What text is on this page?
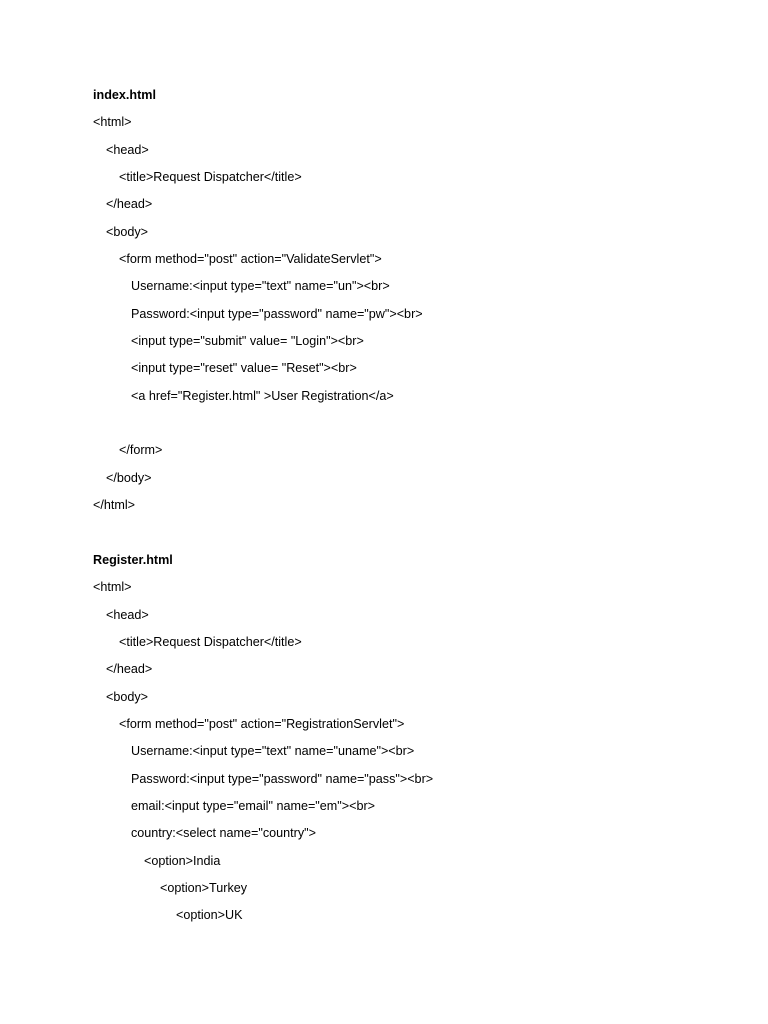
index.html
<html>
<head>
<title>Request Dispatcher</title>
</head>
<body>
<form method="post" action="ValidateServlet">
Username:<input type="text" name="un"><br>
Password:<input type="password" name="pw"><br>
<input type="submit" value= "Login"><br>
<input type="reset" value= "Reset"><br>
<a href="Register.html" >User Registration</a>
</form>
</body>
</html>
Register.html
<html>
<head>
<title>Request Dispatcher</title>
</head>
<body>
<form method="post" action="RegistrationServlet">
Username:<input type="text" name="uname"><br>
Password:<input type="password" name="pass"><br>
email:<input type="email" name="em"><br>
country:<select name="country">
<option>India
<option>Turkey
<option>UK
